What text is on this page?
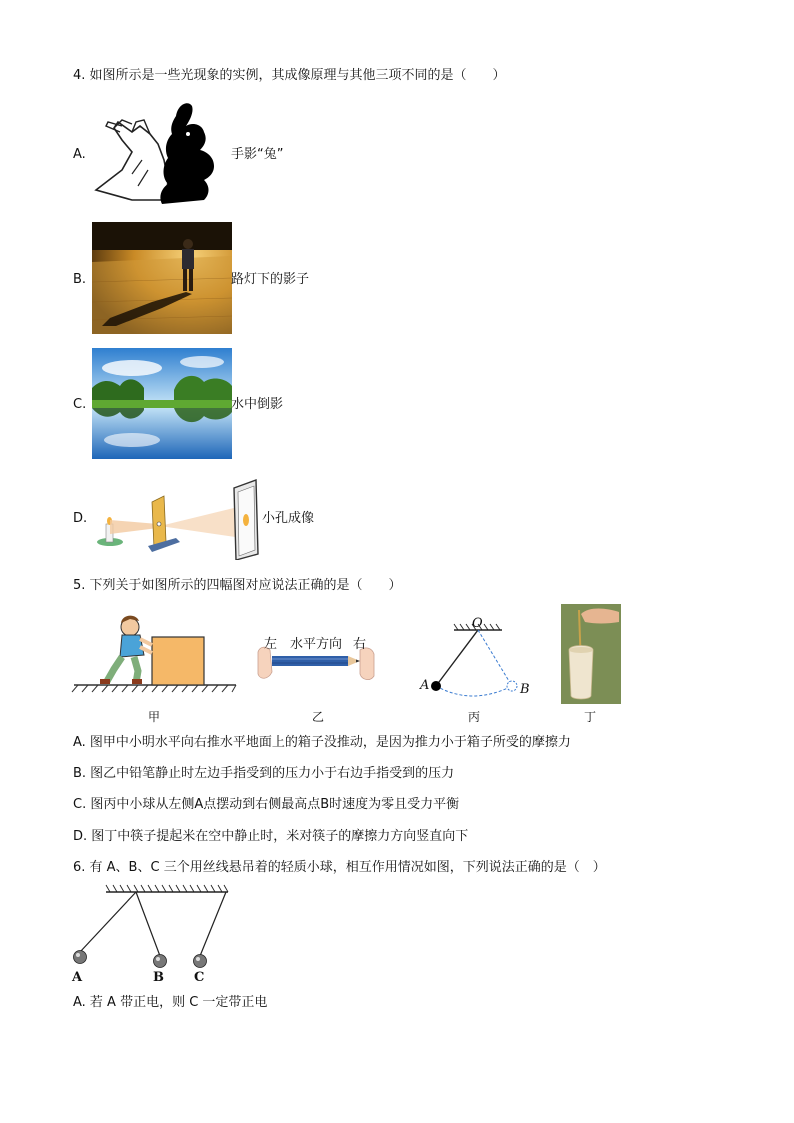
4. 如图所示是一些光现象的实例，其成像原理与其他三项不同的是（　　）
A.	手影“兔”
B.	路灯下的影子
C.	水中倒影
D.	小孔成像
5. 下列关于如图所示的四幅图对应说法正确的是（　　）
甲
左 水平方向 右
乙
O
A	B
丙	丁
A. 图甲中小明水平向右推水平地面上的箱子没推动，是因为推力小于箱子所受的摩擦力
B. 图乙中铅笔静止时左边手指受到的压力小于右边手指受到的压力
C. 图丙中小球从左侧A点摆动到右侧最高点B时速度为零且受力平衡
D. 图丁中筷子提起米在空中静止时，米对筷子的摩擦力方向竖直向下
6. 有 A、B、C 三个用丝线悬吊着的轻质小球，相互作用情况如图，下列说法正确的是（　）
A	B C
A. 若 A 带正电，则 C 一定带正电
